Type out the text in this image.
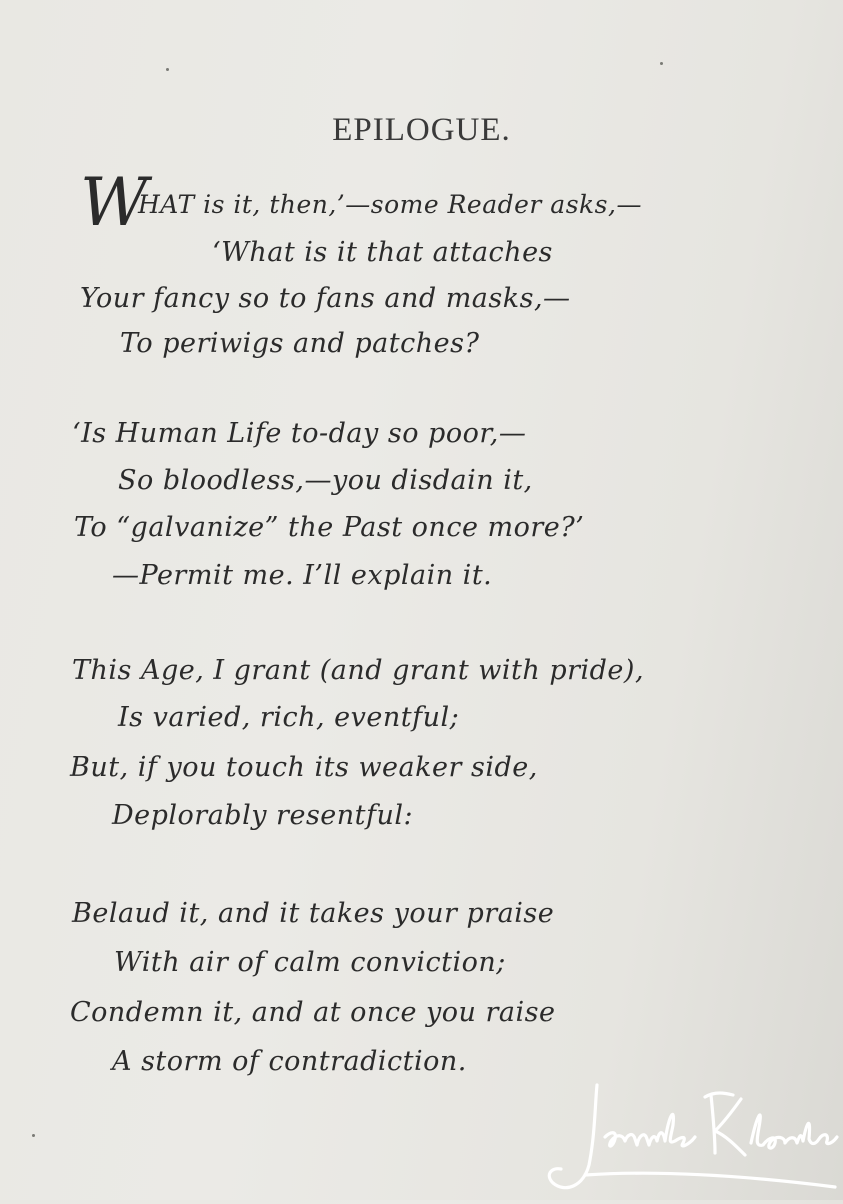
EPILOGUE.
W
HAT is it, then,’—some Reader asks,—
‘What is it that attaches
Your fancy so to fans and masks,—
To periwigs and patches?
‘Is Human Life to-day so poor,—
So bloodless,—you disdain it,
To “galvanize” the Past once more?’
—Permit me. I’ll explain it.
This Age, I grant (and grant with pride),
Is varied, rich, eventful;
But, if you touch its weaker side,
Deplorably resentful:
Belaud it, and it takes your praise
With air of calm conviction;
Condemn it, and at once you raise
A storm of contradiction.
